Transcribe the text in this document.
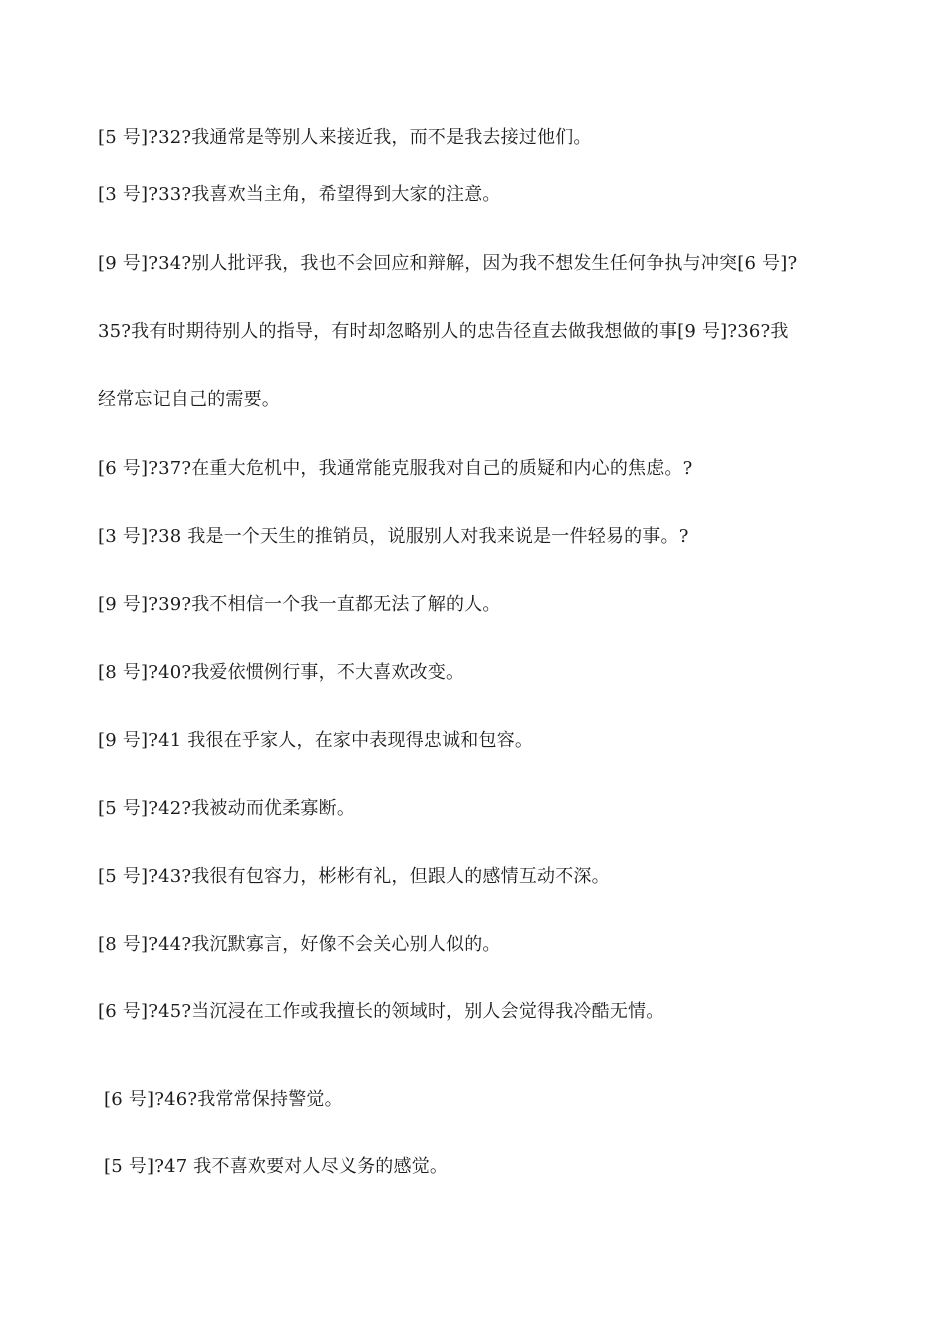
[5 号]?32?我通常是等别人来接近我，而不是我去接过他们。
[3 号]?33?我喜欢当主角，希望得到大家的注意。
[9 号]?34?别人批评我，我也不会回应和辩解，因为我不想发生任何争执与冲突[6 号]?
35?我有时期待别人的指导，有时却忽略别人的忠告径直去做我想做的事[9 号]?36?我
经常忘记自己的需要。
[6 号]?37?在重大危机中，我通常能克服我对自己的质疑和内心的焦虑。?
[3 号]?38 我是一个天生的推销员，说服别人对我来说是一件轻易的事。?
[9 号]?39?我不相信一个我一直都无法了解的人。
[8 号]?40?我爱依惯例行事，不大喜欢改变。
[9 号]?41 我很在乎家人，在家中表现得忠诚和包容。
[5 号]?42?我被动而优柔寡断。
[5 号]?43?我很有包容力，彬彬有礼，但跟人的感情互动不深。
[8 号]?44?我沉默寡言，好像不会关心别人似的。
[6 号]?45?当沉浸在工作或我擅长的领域时，别人会觉得我冷酷无情。
[6 号]?46?我常常保持警觉。
[5 号]?47 我不喜欢要对人尽义务的感觉。
